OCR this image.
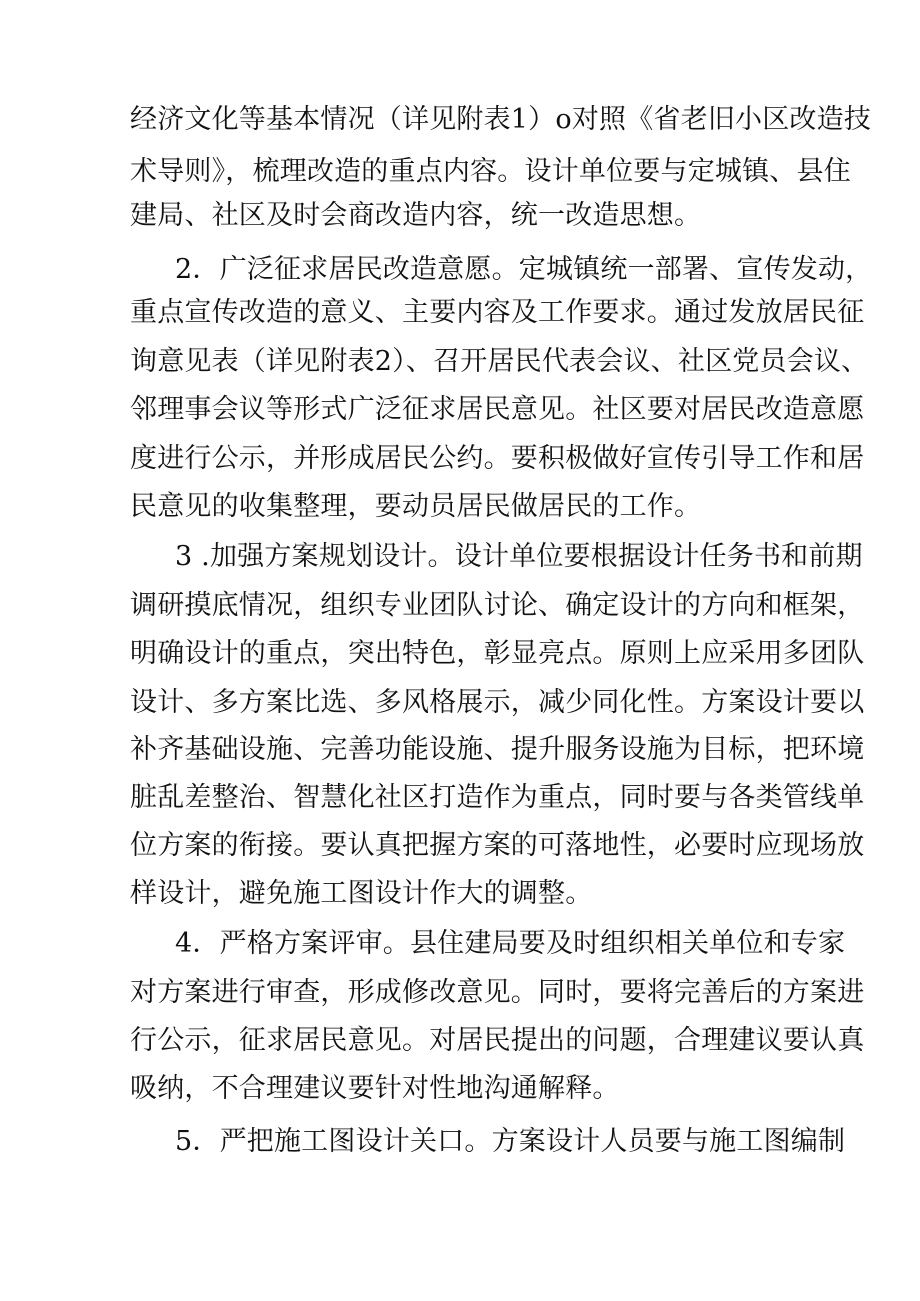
经济文化等基本情况（详见附表1）o对照《省老旧小区改造技
术导则》，梳理改造的重点内容。设计单位要与定城镇、县住
建局、社区及时会商改造内容，统一改造思想。
2．广泛征求居民改造意愿。定城镇统一部署、宣传发动，
重点宣传改造的意义、主要内容及工作要求。通过发放居民征
询意见表（详见附表2）、召开居民代表会议、社区党员会议、
邻理事会议等形式广泛征求居民意见。社区要对居民改造意愿
度进行公示，并形成居民公约。要积极做好宣传引导工作和居
民意见的收集整理，要动员居民做居民的工作。
3 .加强方案规划设计。设计单位要根据设计任务书和前期
调研摸底情况，组织专业团队讨论、确定设计的方向和框架，
明确设计的重点，突出特色，彰显亮点。原则上应采用多团队
设计、多方案比选、多风格展示，减少同化性。方案设计要以
补齐基础设施、完善功能设施、提升服务设施为目标，把环境
脏乱差整治、智慧化社区打造作为重点，同时要与各类管线单
位方案的衔接。要认真把握方案的可落地性，必要时应现场放
样设计，避免施工图设计作大的调整。
4．严格方案评审。县住建局要及时组织相关单位和专家
对方案进行审查，形成修改意见。同时，要将完善后的方案进
行公示，征求居民意见。对居民提出的问题，合理建议要认真
吸纳，不合理建议要针对性地沟通解释。
5．严把施工图设计关口。方案设计人员要与施工图编制
